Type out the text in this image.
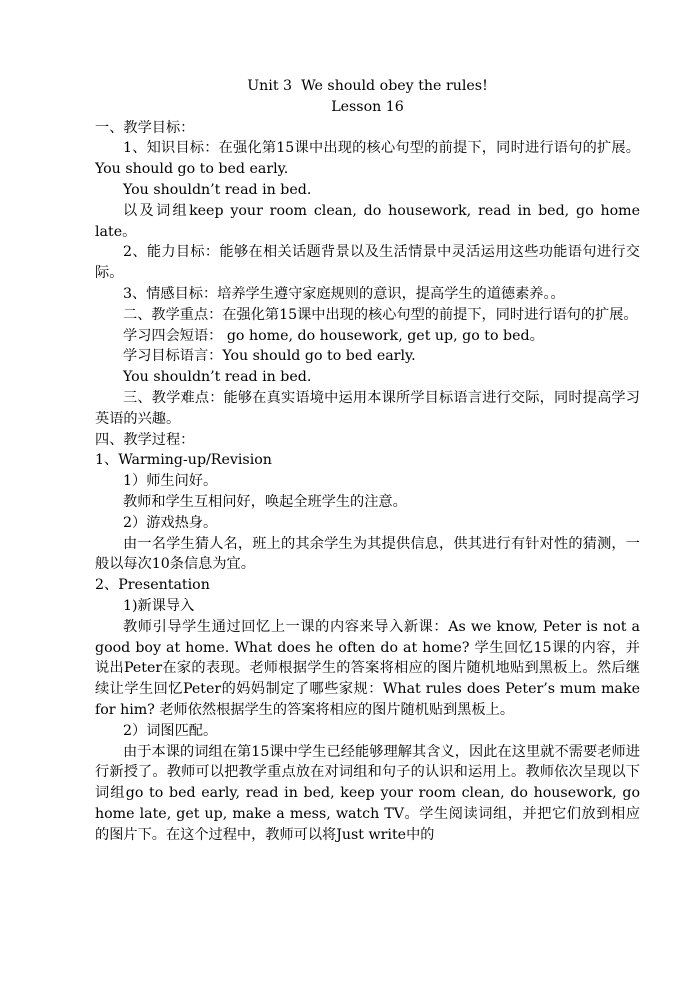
Unit 3  We should obey the rules!
Lesson 16

一、教学目标：

1、知识目标：在强化第15课中出现的核心句型的前提下，同时进行语句的扩展。You should go to bed early.

You shouldn’t read in bed.

以及词组keep your room clean, do housework, read in bed, go home late。

2、能力目标：能够在相关话题背景以及生活情景中灵活运用这些功能语句进行交际。

3、情感目标：培养学生遵守家庭规则的意识，提高学生的道德素养。。

二、教学重点：在强化第15课中出现的核心句型的前提下，同时进行语句的扩展。

学习四会短语： go home, do housework, get up, go to bed。

学习目标语言：You should go to bed early.

You shouldn’t read in bed.

三、教学难点：能够在真实语境中运用本课所学目标语言进行交际，同时提高学习英语的兴趣。

四、教学过程：

1、Warming-up/Revision

1）师生问好。

教师和学生互相问好，唤起全班学生的注意。

2）游戏热身。

由一名学生猜人名，班上的其余学生为其提供信息，供其进行有针对性的猜测，一般以每次10条信息为宜。

2、Presentation

1)新课导入

教师引导学生通过回忆上一课的内容来导入新课：As we know, Peter is not a good boy at home. What does he often do at home? 学生回忆15课的内容，并说出Peter在家的表现。老师根据学生的答案将相应的图片随机地贴到黑板上。然后继续让学生回忆Peter的妈妈制定了哪些家规：What rules does Peter’s mum make for him? 老师依然根据学生的答案将相应的图片随机贴到黑板上。

2）词图匹配。

由于本课的词组在第15课中学生已经能够理解其含义，因此在这里就不需要老师进行新授了。教师可以把教学重点放在对词组和句子的认识和运用上。教师依次呈现以下词组go to bed early, read in bed, keep your room clean, do housework, go home late, get up, make a mess, watch TV。学生阅读词组，并把它们放到相应的图片下。在这个过程中，教师可以将Just write中的
